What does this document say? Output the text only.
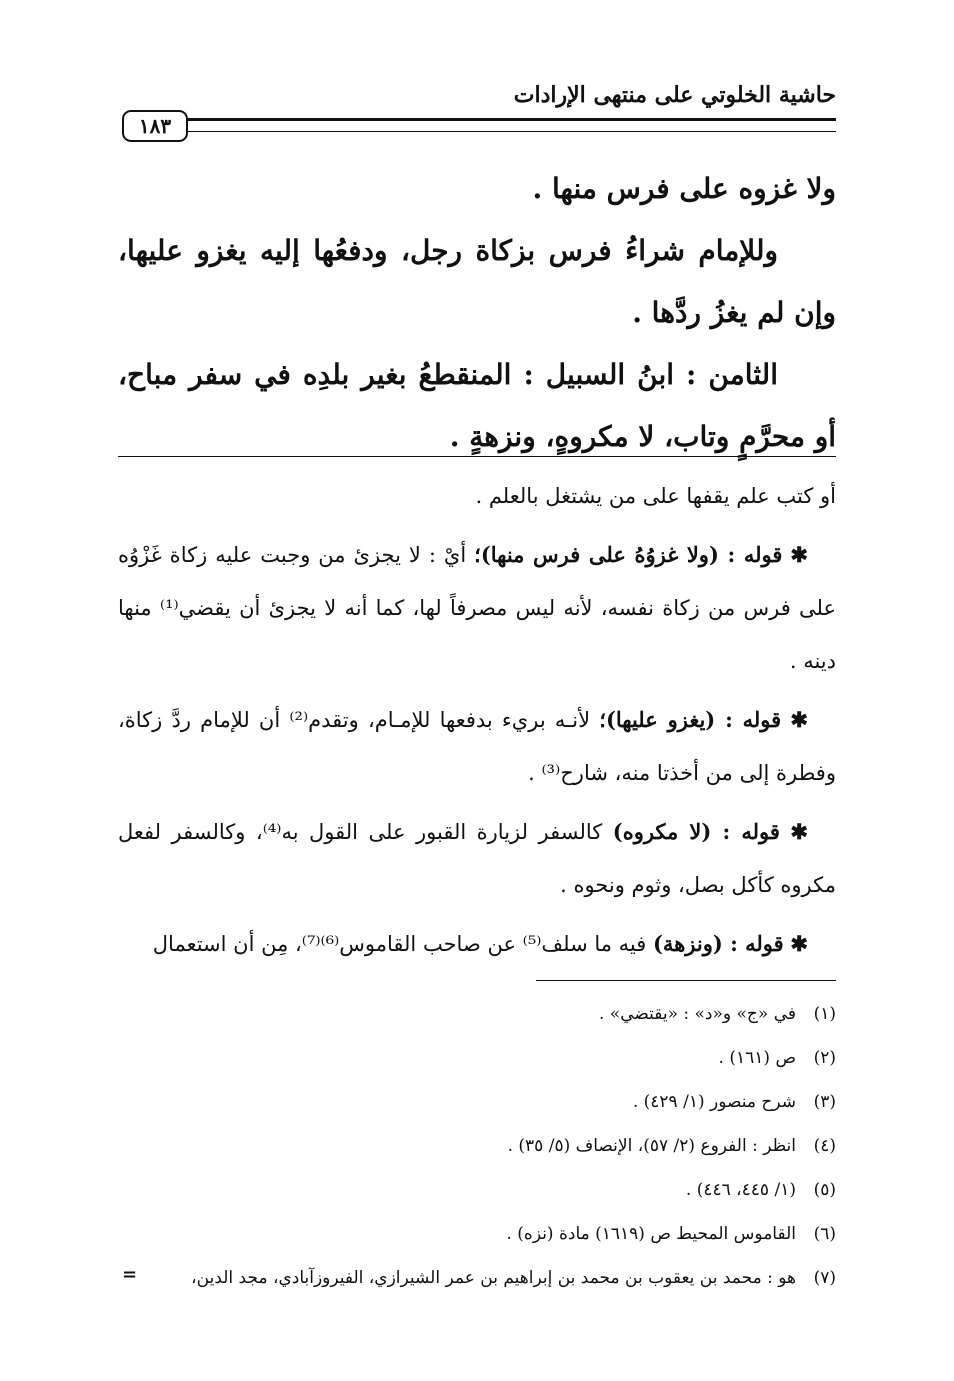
حاشية الخلوتي على منتهى الإرادات
١٨٣

ولا غزوه على فرس منها .

وللإمام شراءُ فرس بزكاة رجل، ودفعُها إليه يغزو عليها، وإن لم يغزُ ردَّها .

الثامن : ابنُ السبيل : المنقطعُ بغير بلدِه في سفر مباح، أو محرَّمٍ وتاب، لا مكروهٍ، ونزهةٍ .

أو كتب علم يقفها على من يشتغل بالعلم .

✱ قوله : (ولا غزوُهُ على فرس منها)؛ أيْ : لا يجزئ من وجبت عليه زكاة غَزْوُه على فرس من زكاة نفسه، لأنه ليس مصرفاً لها، كما أنه لا يجزئ أن يقضي⁽¹⁾ منها دينه .

✱ قوله : (يغزو عليها)؛ لأنـه بريء بدفعها للإمـام، وتقدم⁽²⁾ أن للإمام ردَّ زكاة، وفطرة إلى من أخذتا منه، شارح⁽³⁾ .

✱ قوله : (لا مكروه) كالسفر لزيارة القبور على القول به⁽⁴⁾، وكالسفر لفعل مكروه كأكل بصل، وثوم ونحوه .

✱ قوله : (ونزهة) فيه ما سلف⁽⁵⁾ عن صاحب القاموس⁽⁶⁾⁽⁷⁾، مِن أن استعمال

(١)في «ج» و«د» : «يقتضي» .
(٢)ص (١٦١) .
(٣)شرح منصور (١/ ٤٢٩) .
(٤)انظر : الفروع (٢/ ٥٧)، الإنصاف (٥/ ٣٥) .
(٥)(١/ ٤٤٥، ٤٤٦) .
(٦)القاموس المحيط ص (١٦١٩) مادة (نزه) .
(٧)هو : محمد بن يعقوب بن محمد بن إبراهيم بن عمر الشيرازي، الفيروزآبادي، مجد الدين،
=
